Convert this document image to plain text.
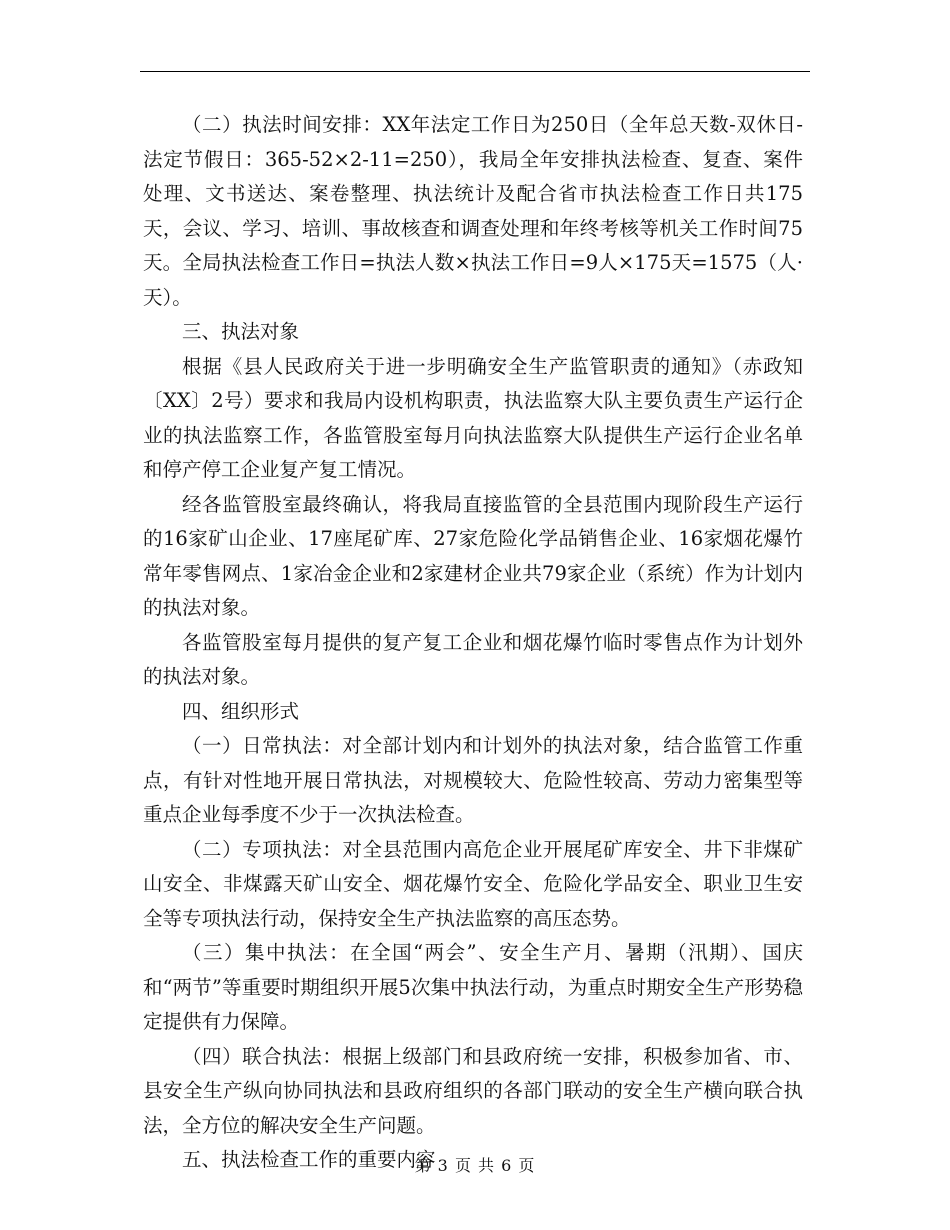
（二）执法时间安排：XX年法定工作日为250日（全年总天数-双休日-法定节假日：365-52×2-11=250），我局全年安排执法检查、复查、案件处理、文书送达、案卷整理、执法统计及配合省市执法检查工作日共175天，会议、学习、培训、事故核查和调查处理和年终考核等机关工作时间75天。全局执法检查工作日=执法人数×执法工作日=9人×175天=1575（人·天）。

三、执法对象

根据《县人民政府关于进一步明确安全生产监管职责的通知》（赤政知〔XX〕2号）要求和我局内设机构职责，执法监察大队主要负责生产运行企业的执法监察工作，各监管股室每月向执法监察大队提供生产运行企业名单和停产停工企业复产复工情况。

经各监管股室最终确认，将我局直接监管的全县范围内现阶段生产运行的16家矿山企业、17座尾矿库、27家危险化学品销售企业、16家烟花爆竹常年零售网点、1家冶金企业和2家建材企业共79家企业（系统）作为计划内的执法对象。

各监管股室每月提供的复产复工企业和烟花爆竹临时零售点作为计划外的执法对象。

四、组织形式

（一）日常执法：对全部计划内和计划外的执法对象，结合监管工作重点，有针对性地开展日常执法，对规模较大、危险性较高、劳动力密集型等重点企业每季度不少于一次执法检查。

（二）专项执法：对全县范围内高危企业开展尾矿库安全、井下非煤矿山安全、非煤露天矿山安全、烟花爆竹安全、危险化学品安全、职业卫生安全等专项执法行动，保持安全生产执法监察的高压态势。

（三）集中执法：在全国“两会”、安全生产月、暑期（汛期）、国庆和“两节”等重要时期组织开展5次集中执法行动，为重点时期安全生产形势稳定提供有力保障。

（四）联合执法：根据上级部门和县政府统一安排，积极参加省、市、县安全生产纵向协同执法和县政府组织的各部门联动的安全生产横向联合执法，全方位的解决安全生产问题。

五、执法检查工作的重要内容

第 3 页 共 6 页
